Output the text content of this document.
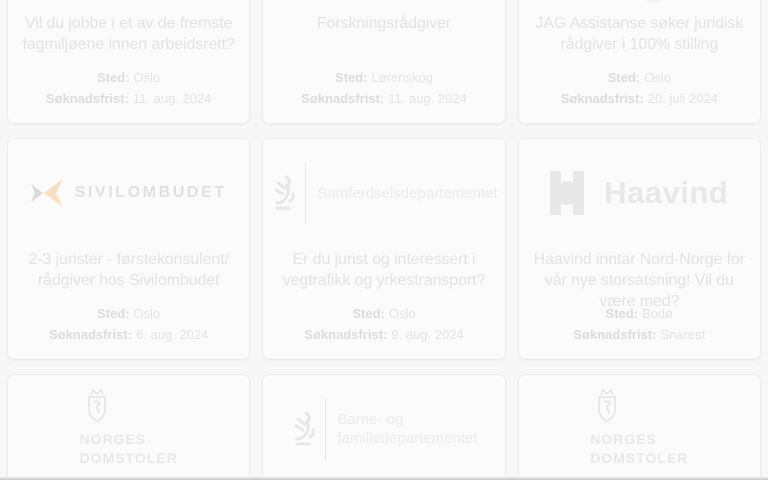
Vil du jobbe i et av de fremste fagmiljøene innen arbeidsrett?

Sted: Oslo

Søknadsfrist: 11. aug. 2024

Forskningsrådgiver

Sted: Lørenskog

Søknadsfrist: 11. aug. 2024

JAG Assistanse søker juridisk rådgiver i 100% stilling

Sted: Oslo

Søknadsfrist: 20. juli 2024

SIVILOMBUDET
2-3 jurister - førstekonsulent/ rådgiver hos Sivilombudet

Sted: Oslo

Søknadsfrist: 6. aug. 2024

Samferdselsdepartementet
Er du jurist og interessert i vegtrafikk og yrkestransport?

Sted: Oslo

Søknadsfrist: 9. aug. 2024

Haavind
Haavind inntar Nord-Norge for vår nye storsatsning! Vil du være med?

Sted: Bodø

Søknadsfrist: Snarest

NORGES
DOMSTOLER
Barne- og
familiedepartementet	NORGES
DOMSTOLER
